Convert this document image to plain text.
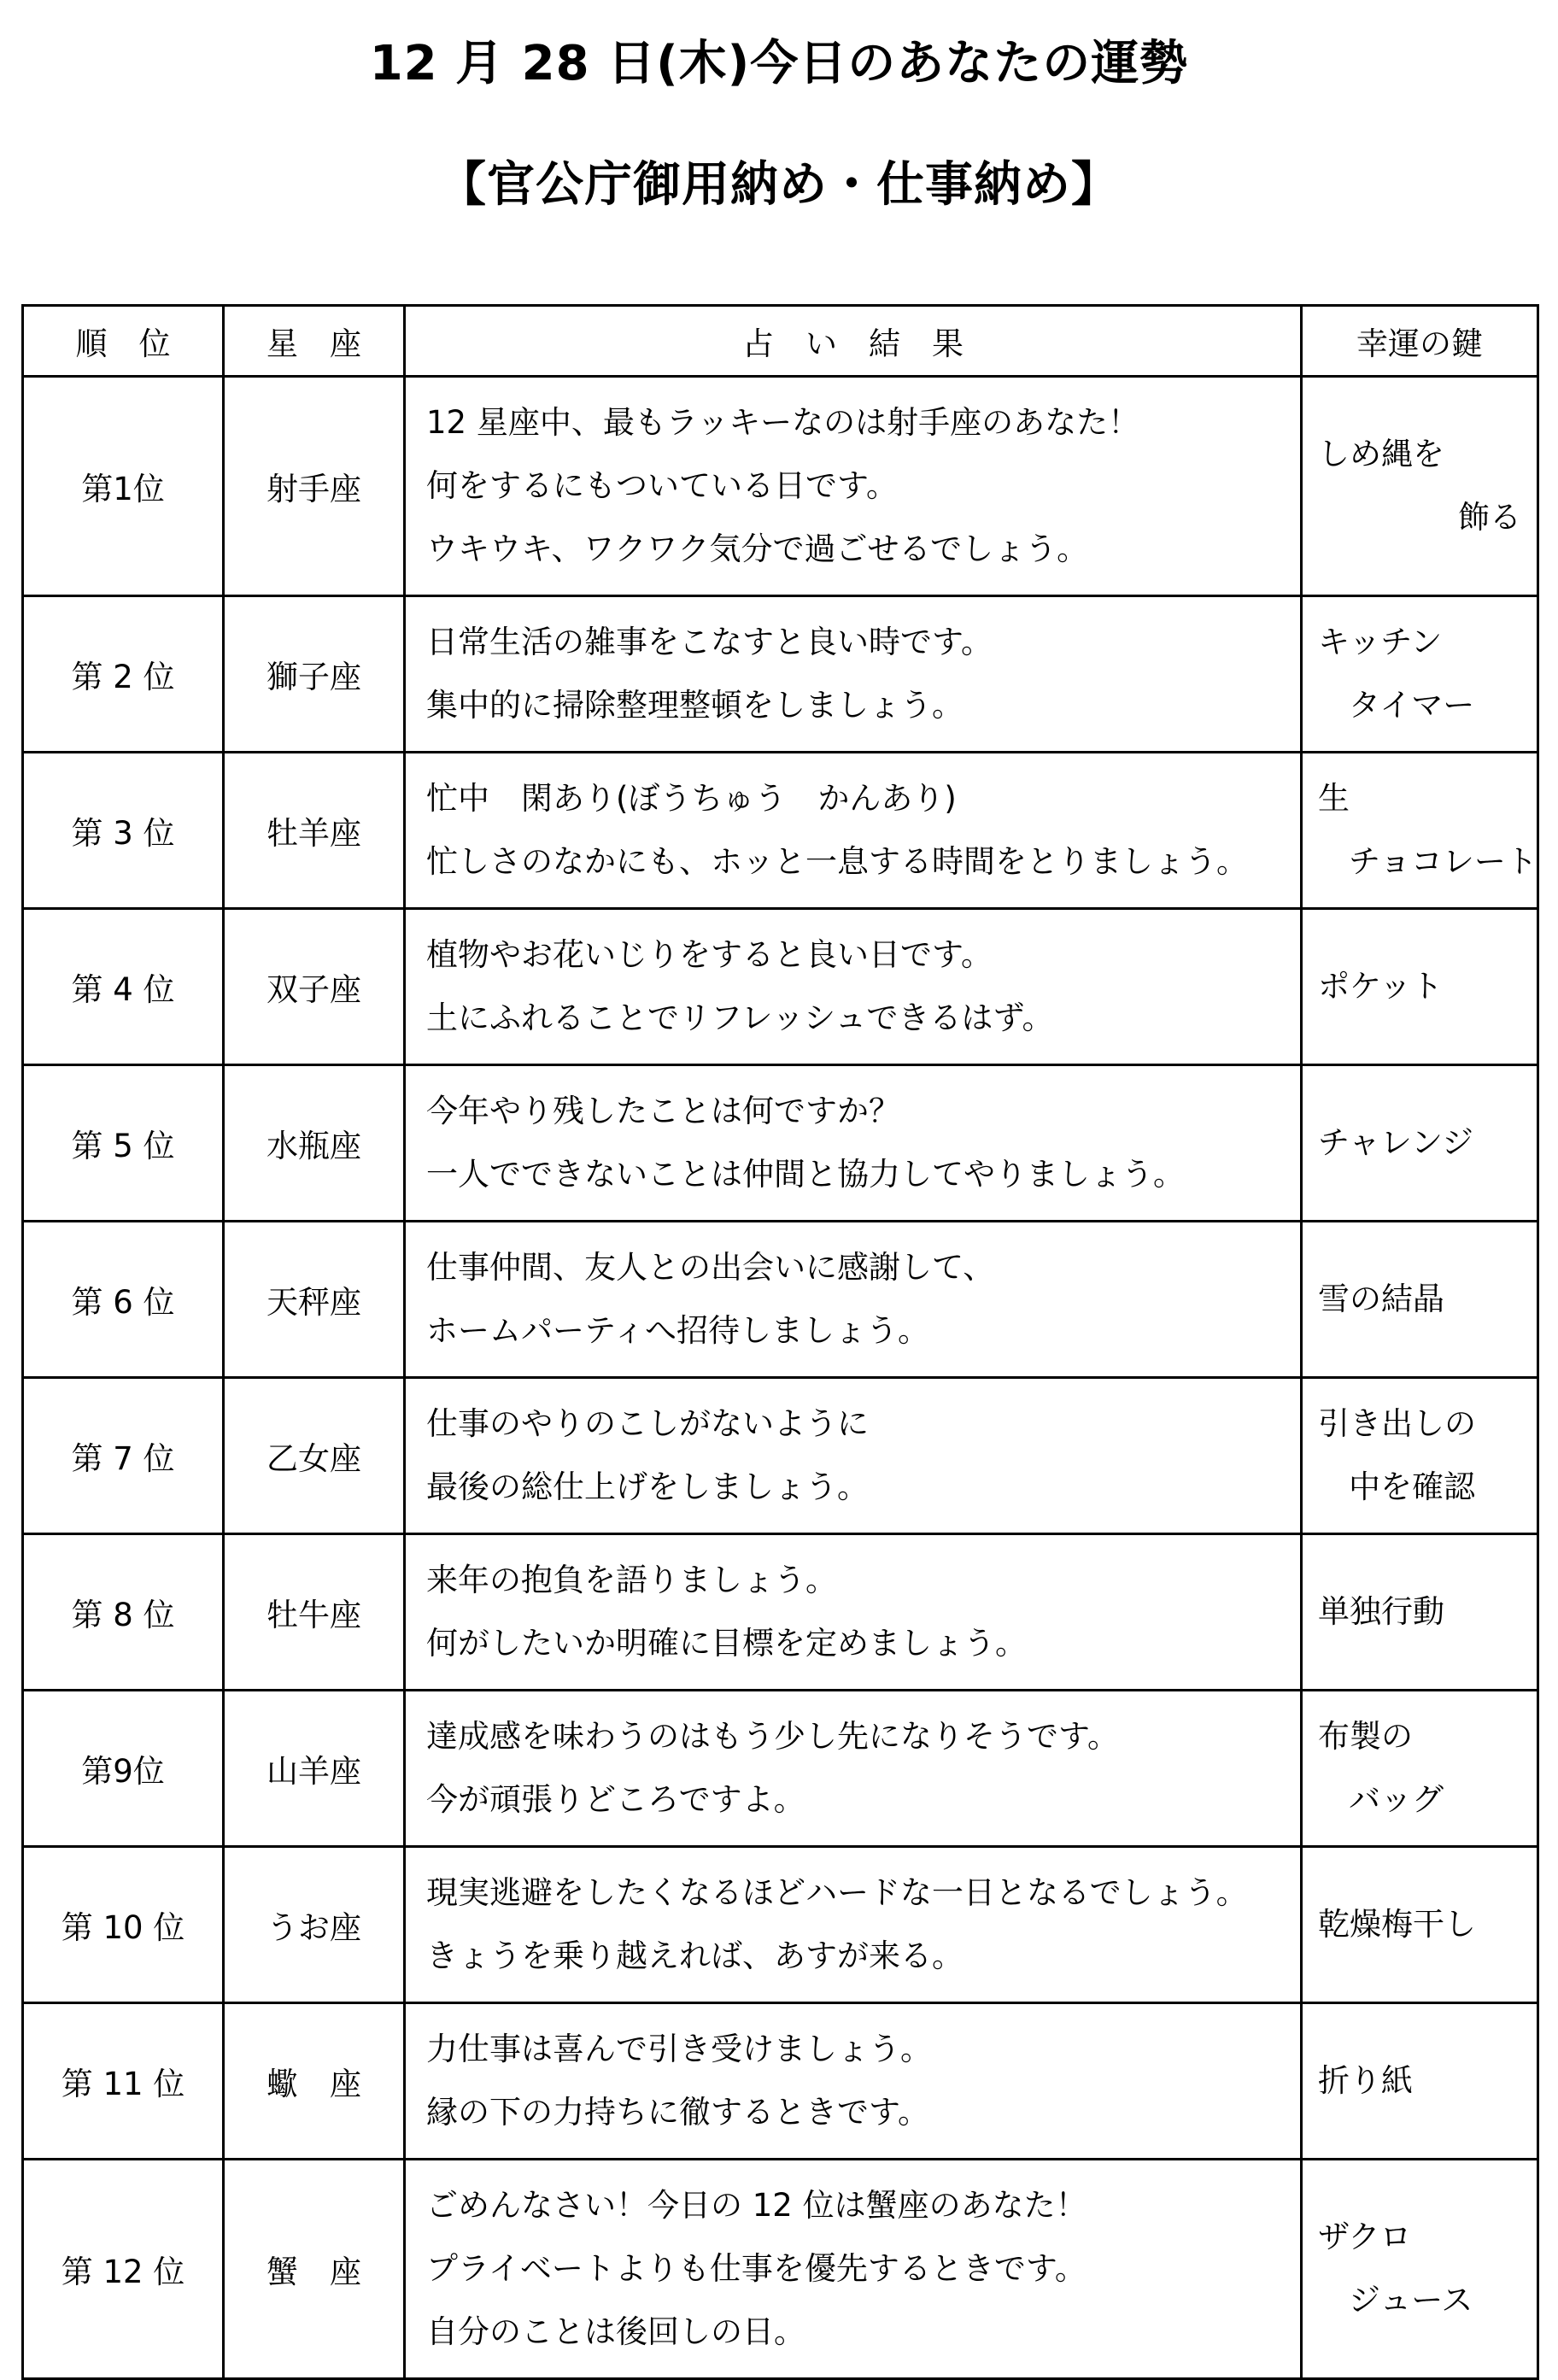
12 月 28 日(木)今日のあなたの運勢
【官公庁御用納め・仕事納め】
順　位	星　座	占　い　結　果	幸運の鍵
第1位	射手座	12 星座中、最もラッキーなのは射手座のあなた！
何をするにもついている日です。
ウキウキ、ワクワク気分で過ごせるでしょう。	しめ縄を
飾る

第 2 位	獅子座	日常生活の雑事をこなすと良い時です。
集中的に掃除整理整頓をしましょう。	キッチン
タイマー

第 3 位	牡羊座	忙中　閑あり(ぼうちゅう　かんあり)
忙しさのなかにも、ホッと一息する時間をとりましょう。	生
チョコレート

第 4 位	双子座	植物やお花いじりをすると良い日です。
土にふれることでリフレッシュできるはず。	ポケット

第 5 位	水瓶座	今年やり残したことは何ですか？
一人でできないことは仲間と協力してやりましょう。	チャレンジ

第 6 位	天秤座	仕事仲間、友人との出会いに感謝して、
ホームパーティへ招待しましょう。	雪の結晶

第 7 位	乙女座	仕事のやりのこしがないように
最後の総仕上げをしましょう。	引き出しの
中を確認

第 8 位	牡牛座	来年の抱負を語りましょう。
何がしたいか明確に目標を定めましょう。	単独行動

第9位	山羊座	達成感を味わうのはもう少し先になりそうです。
今が頑張りどころですよ。	布製の
バッグ

第 10 位	うお座	現実逃避をしたくなるほどハードな一日となるでしょう。
きょうを乗り越えれば、あすが来る。	乾燥梅干し

第 11 位	蠍　座	力仕事は喜んで引き受けましょう。
縁の下の力持ちに徹するときです。	折り紙

第 12 位	蟹　座	ごめんなさい！今日の 12 位は蟹座のあなた！
プライベートよりも仕事を優先するときです。
自分のことは後回しの日。	ザクロ
ジュース
